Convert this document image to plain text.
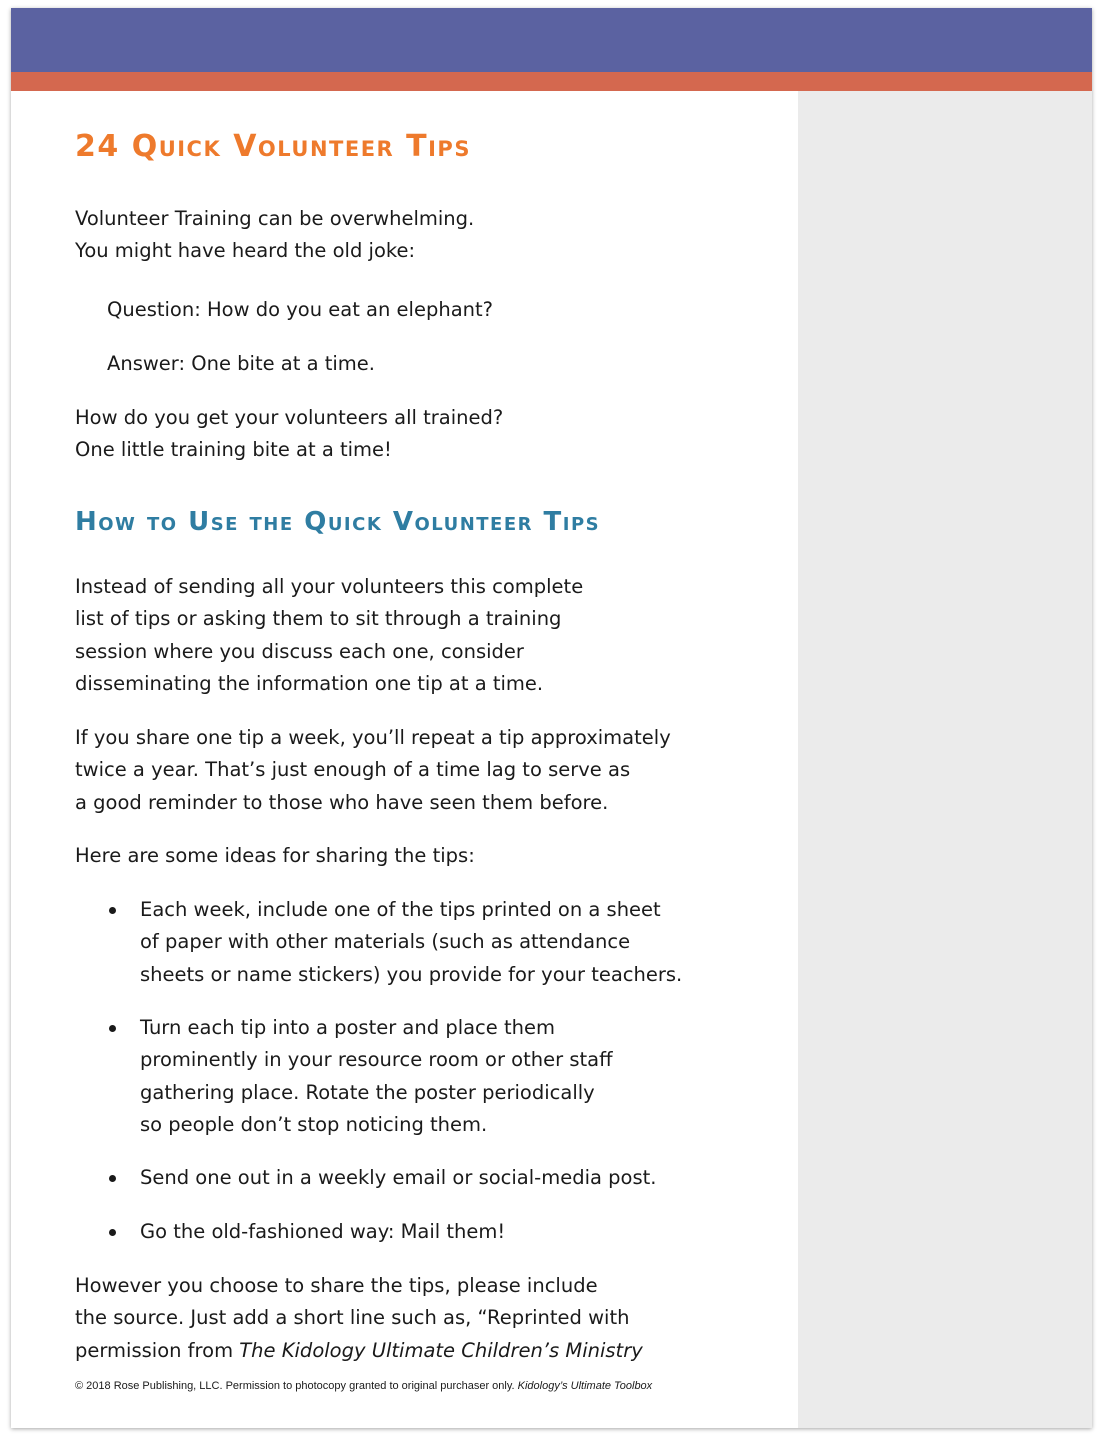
24 Quick Volunteer Tips

Volunteer Training can be overwhelming.
You might have heard the old joke:

Question: How do you eat an elephant?

Answer: One bite at a time.

How do you get your volunteers all trained?
One little training bite at a time!

How to Use the Quick Volunteer Tips

Instead of sending all your volunteers this complete
list of tips or asking them to sit through a training
session where you discuss each one, consider
disseminating the information one tip at a time.

If you share one tip a week, you’ll repeat a tip approximately
twice a year. That’s just enough of a time lag to serve as
a good reminder to those who have seen them before.

Here are some ideas for sharing the tips:

Each week, include one of the tips printed on a sheet
of paper with other materials (such as attendance
sheets or name stickers) you provide for your teachers.

Turn each tip into a poster and place them
prominently in your resource room or other staff
gathering place. Rotate the poster periodically
so people don’t stop noticing them.

Send one out in a weekly email or social-media post.

Go the old-fashioned way: Mail them!

However you choose to share the tips, please include
the source. Just add a short line such as, “Reprinted with
permission from The Kidology Ultimate Children’s Ministry

© 2018 Rose Publishing, LLC. Permission to photocopy granted to original purchaser only. Kidology’s Ultimate Toolbox
